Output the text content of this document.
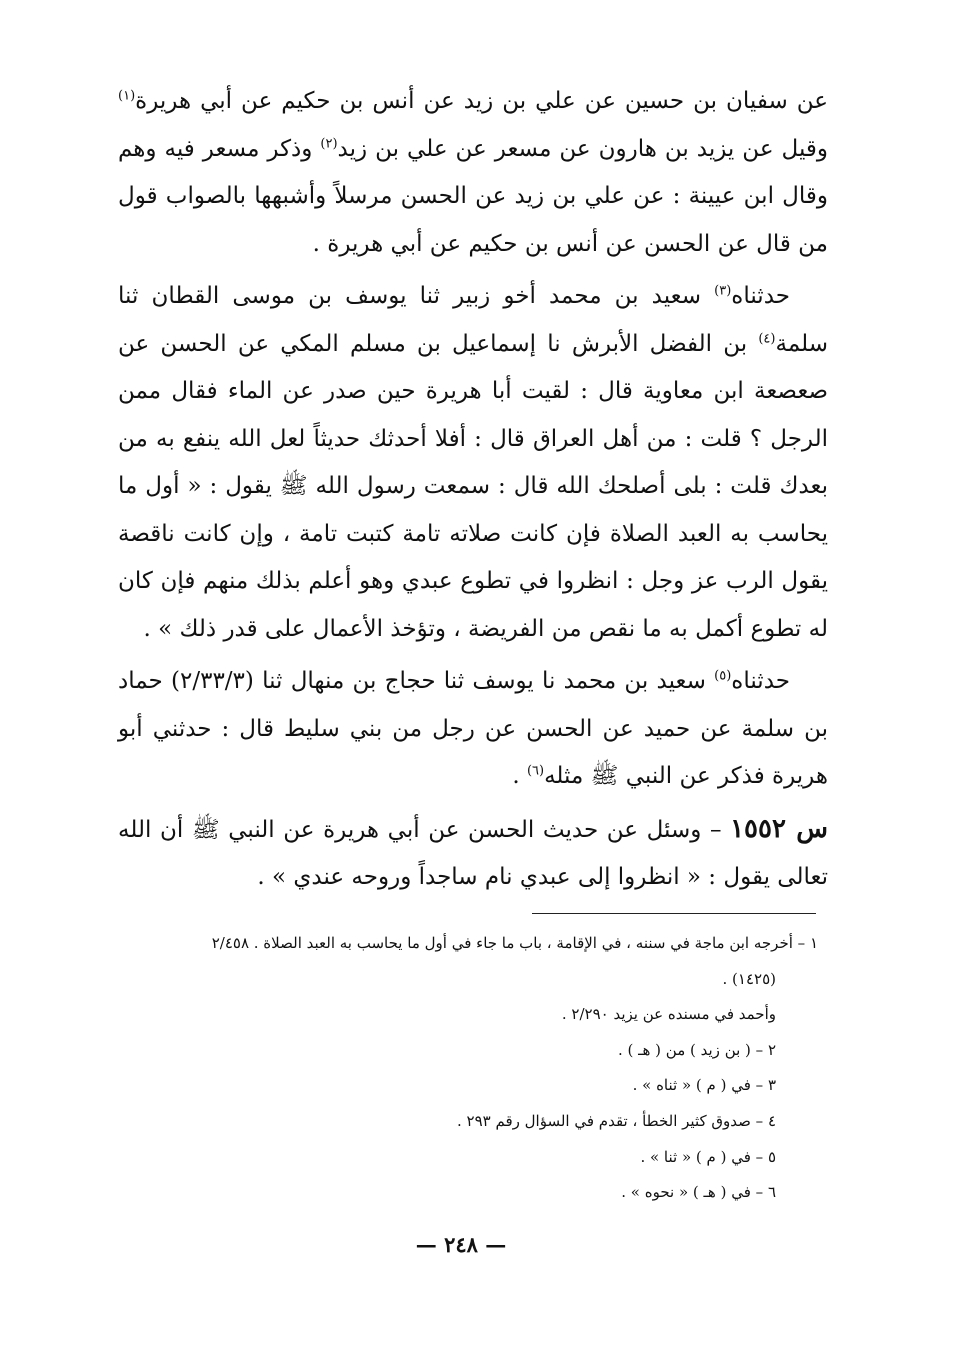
عن سفيان بن حسين عن علي بن زيد عن أنس بن حكيم عن أبي هريرة$^{(١)}$ وقيل عن يزيد بن هارون عن مسعر عن علي بن زيد$^{(٢)}$ وذكر مسعر فيه وهم وقال ابن عيينة : عن علي بن زيد عن الحسن مرسلاً وأشبهها بالصواب قول من قال عن الحسن عن أنس بن حكيم عن أبي هريرة .

حدثناه$^{(٣)}$ سعيد بن محمد أخو زبير ثنا يوسف بن موسى القطان ثنا سلمة$^{(٤)}$ بن الفضل الأبرش نا إسماعيل بن مسلم المكي عن الحسن عن صعصعة ابن معاوية قال : لقيت أبا هريرة حين صدر عن الماء فقال ممن الرجل ؟ قلت : من أهل العراق قال : أفلا أحدثك حديثاً لعل الله ينفع به من بعدك قلت : بلى أصلحك الله قال : سمعت رسول الله ﷺ يقول : « أول ما يحاسب به العبد الصلاة فإن كانت صلاته تامة كتبت تامة ، وإن كانت ناقصة يقول الرب عز وجل : انظروا في تطوع عبدي وهو أعلم بذلك منهم فإن كان له تطوع أكمل به ما نقص من الفريضة ، وتؤخذ الأعمال على قدر ذلك » .

حدثناه$^{(٥)}$ سعيد بن محمد نا يوسف ثنا حجاج بن منهال ثنا (٢/٣٣/٣) حماد بن سلمة عن حميد عن الحسن عن رجل من بني سليط قال : حدثني أبو هريرة فذكر عن النبي ﷺ مثله$^{(٦)}$ .

س ١٥٥٢ – وسئل عن حديث الحسن عن أبي هريرة عن النبي ﷺ أن الله تعالى يقول : « انظروا إلى عبدي نام ساجداً وروحه عندي » .

١ – أخرجه ابن ماجة في سننه ، في الإقامة ، باب ما جاء في أول ما يحاسب به العبد الصلاة . ٢/٤٥٨

(١٤٢٥) .

وأحمد في مسنده عن يزيد ٢/٢٩٠ .

٢ – ( بن زيد ) من ( هـ ) .

٣ – في ( م ) « ثناه » .

٤ – صدوق كثير الخطأ ، تقدم في السؤال رقم ٢٩٣ .

٥ – في ( م ) « ثنا » .

٦ – في ( هـ ) « نحوه » .

— ٢٤٨ —
